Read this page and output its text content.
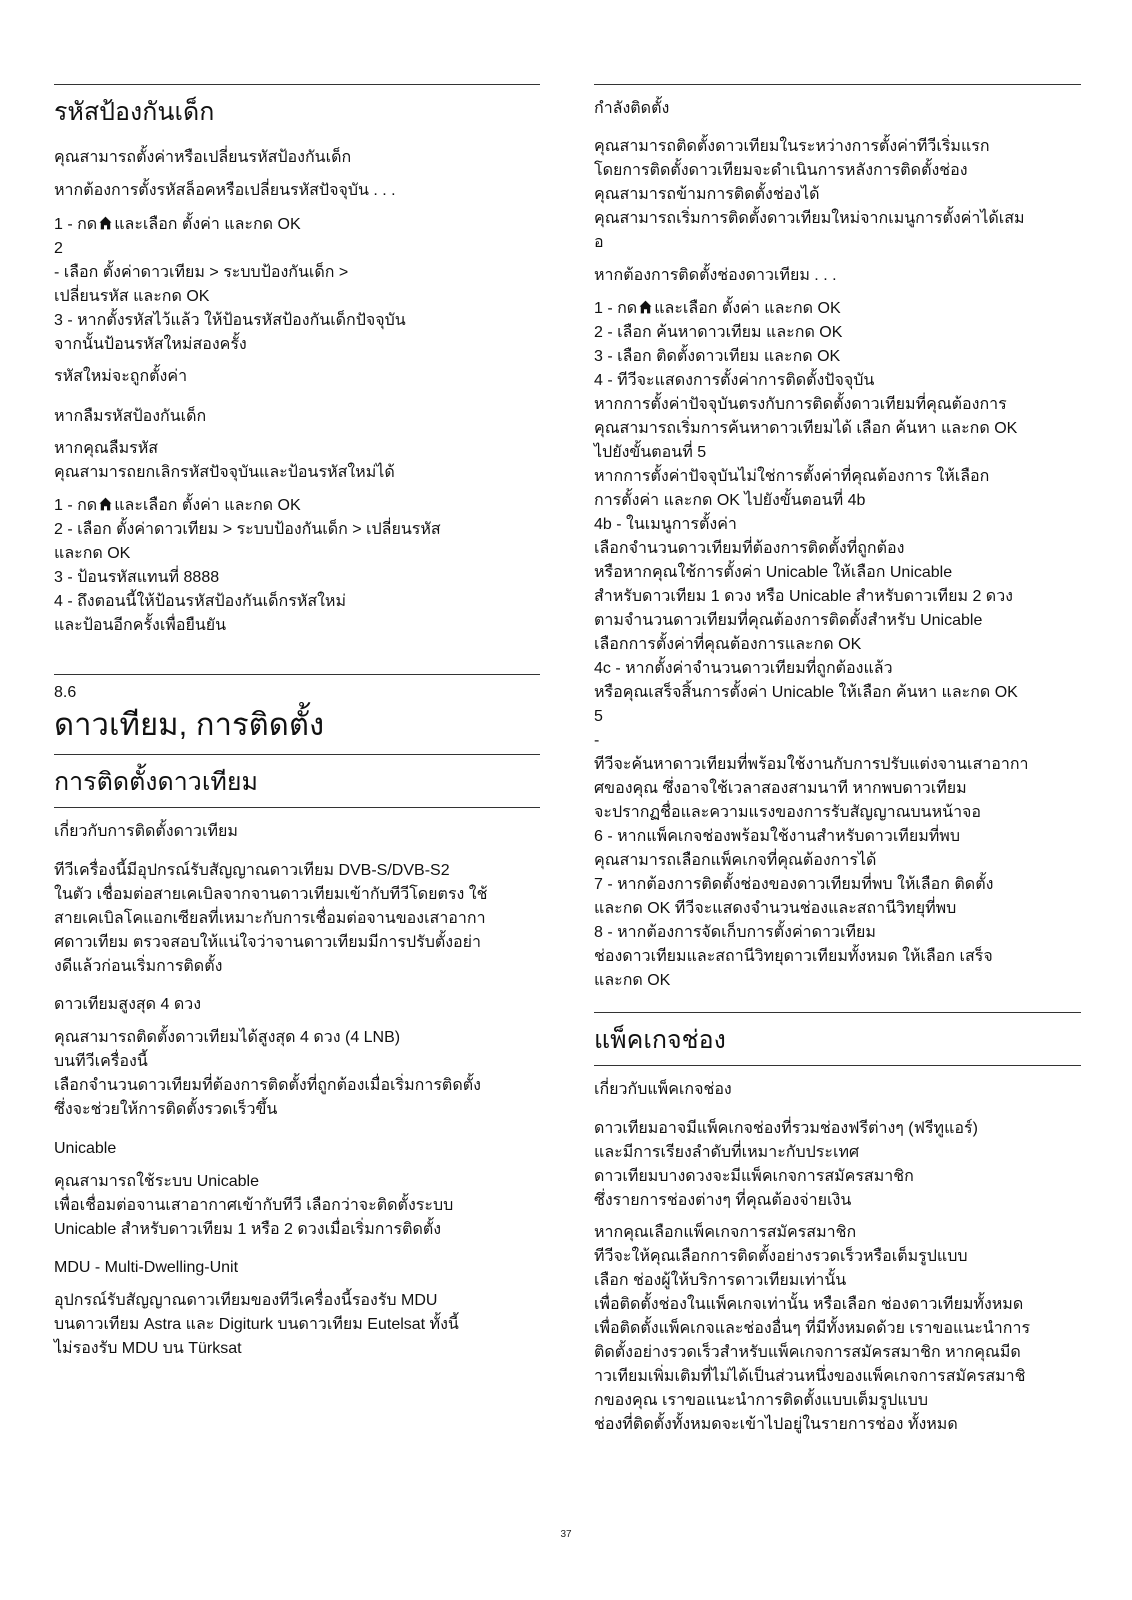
รหัสป้องกันเด็ก
คุณสามารถตั้งค่าหรือเปลี่ยนรหัสป้องกันเด็ก
หากต้องการตั้งรหัสล็อคหรือเปลี่ยนรหัสปัจจุบัน . . .
1 - กด และเลือก ตั้งค่า และกด OK
2
- เลือก ตั้งค่าดาวเทียม > ระบบป้องกันเด็ก >
เปลี่ยนรหัส และกด OK
3 - หากตั้งรหัสไว้แล้ว ให้ป้อนรหัสป้องกันเด็กปัจจุบัน
จากนั้นป้อนรหัสใหม่สองครั้ง
รหัสใหม่จะถูกตั้งค่า
หากลืมรหัสป้องกันเด็ก
หากคุณลืมรหัส
คุณสามารถยกเลิกรหัสปัจจุบันและป้อนรหัสใหม่ได้
1 - กด และเลือก ตั้งค่า และกด OK
2 - เลือก ตั้งค่าดาวเทียม > ระบบป้องกันเด็ก > เปลี่ยนรหัส
และกด OK
3 - ป้อนรหัสแทนที่ 8888
4 - ถึงตอนนี้ให้ป้อนรหัสป้องกันเด็กรหัสใหม่
และป้อนอีกครั้งเพื่อยืนยัน
8.6
ดาวเทียม, การติดตั้ง
การติดตั้งดาวเทียม
เกี่ยวกับการติดตั้งดาวเทียม
ทีวีเครื่องนี้มีอุปกรณ์รับสัญญาณดาวเทียม DVB-S/DVB-S2
ในตัว เชื่อมต่อสายเคเบิลจากจานดาวเทียมเข้ากับทีวีโดยตรง ใช้
สายเคเบิลโคแอกเซียลที่เหมาะกับการเชื่อมต่อจานของเสาอากา
ศดาวเทียม ตรวจสอบให้แน่ใจว่าจานดาวเทียมมีการปรับตั้งอย่า
งดีแล้วก่อนเริ่มการติดตั้ง
ดาวเทียมสูงสุด 4 ดวง
คุณสามารถติดตั้งดาวเทียมได้สูงสุด 4 ดวง (4 LNB)
บนทีวีเครื่องนี้
เลือกจำนวนดาวเทียมที่ต้องการติดตั้งที่ถูกต้องเมื่อเริ่มการติดตั้ง
ซึ่งจะช่วยให้การติดตั้งรวดเร็วขึ้น
Unicable
คุณสามารถใช้ระบบ Unicable
เพื่อเชื่อมต่อจานเสาอากาศเข้ากับทีวี เลือกว่าจะติดตั้งระบบ
Unicable สำหรับดาวเทียม 1 หรือ 2 ดวงเมื่อเริ่มการติดตั้ง
MDU - Multi-Dwelling-Unit
อุปกรณ์รับสัญญาณดาวเทียมของทีวีเครื่องนี้รองรับ MDU
บนดาวเทียม Astra และ Digiturk บนดาวเทียม Eutelsat ทั้งนี้
ไม่รองรับ MDU บน Türksat
กำลังติดตั้ง
คุณสามารถติดตั้งดาวเทียมในระหว่างการตั้งค่าทีวีเริ่มแรก
โดยการติดตั้งดาวเทียมจะดำเนินการหลังการติดตั้งช่อง
คุณสามารถข้ามการติดตั้งช่องได้
คุณสามารถเริ่มการติดตั้งดาวเทียมใหม่จากเมนูการตั้งค่าได้เสม
อ
หากต้องการติดตั้งช่องดาวเทียม . . .
1 - กด และเลือก ตั้งค่า และกด OK
2 - เลือก ค้นหาดาวเทียม และกด OK
3 - เลือก ติดตั้งดาวเทียม และกด OK
4 - ทีวีจะแสดงการตั้งค่าการติดตั้งปัจจุบัน
หากการตั้งค่าปัจจุบันตรงกับการติดตั้งดาวเทียมที่คุณต้องการ
คุณสามารถเริ่มการค้นหาดาวเทียมได้ เลือก ค้นหา และกด OK
ไปยังขั้นตอนที่ 5
หากการตั้งค่าปัจจุบันไม่ใช่การตั้งค่าที่คุณต้องการ ให้เลือก
การตั้งค่า และกด OK ไปยังขั้นตอนที่ 4b
4b - ในเมนูการตั้งค่า
เลือกจำนวนดาวเทียมที่ต้องการติดตั้งที่ถูกต้อง
หรือหากคุณใช้การตั้งค่า Unicable ให้เลือก Unicable
สำหรับดาวเทียม 1 ดวง หรือ Unicable สำหรับดาวเทียม 2 ดวง
ตามจำนวนดาวเทียมที่คุณต้องการติดตั้งสำหรับ Unicable
เลือกการตั้งค่าที่คุณต้องการและกด OK
4c - หากตั้งค่าจำนวนดาวเทียมที่ถูกต้องแล้ว
หรือคุณเสร็จสิ้นการตั้งค่า Unicable ให้เลือก ค้นหา และกด OK
5
-
ทีวีจะค้นหาดาวเทียมที่พร้อมใช้งานกับการปรับแต่งจานเสาอากา
ศของคุณ ซึ่งอาจใช้เวลาสองสามนาที หากพบดาวเทียม
จะปรากฏชื่อและความแรงของการรับสัญญาณบนหน้าจอ
6 - หากแพ็คเกจช่องพร้อมใช้งานสำหรับดาวเทียมที่พบ
คุณสามารถเลือกแพ็คเกจที่คุณต้องการได้
7 - หากต้องการติดตั้งช่องของดาวเทียมที่พบ ให้เลือก ติดตั้ง
และกด OK ทีวีจะแสดงจำนวนช่องและสถานีวิทยุที่พบ
8 - หากต้องการจัดเก็บการตั้งค่าดาวเทียม
ช่องดาวเทียมและสถานีวิทยุดาวเทียมทั้งหมด ให้เลือก เสร็จ
และกด OK
แพ็คเกจช่อง
เกี่ยวกับแพ็คเกจช่อง
ดาวเทียมอาจมีแพ็คเกจช่องที่รวมช่องฟรีต่างๆ (ฟรีทูแอร์)
และมีการเรียงลำดับที่เหมาะกับประเทศ
ดาวเทียมบางดวงจะมีแพ็คเกจการสมัครสมาชิก
ซึ่งรายการช่องต่างๆ ที่คุณต้องจ่ายเงิน
หากคุณเลือกแพ็คเกจการสมัครสมาชิก
ทีวีจะให้คุณเลือกการติดตั้งอย่างรวดเร็วหรือเต็มรูปแบบ
เลือก ช่องผู้ให้บริการดาวเทียมเท่านั้น
เพื่อติดตั้งช่องในแพ็คเกจเท่านั้น หรือเลือก ช่องดาวเทียมทั้งหมด
เพื่อติดตั้งแพ็คเกจและช่องอื่นๆ ที่มีทั้งหมดด้วย เราขอแนะนำการ
ติดตั้งอย่างรวดเร็วสำหรับแพ็คเกจการสมัครสมาชิก หากคุณมีด
าวเทียมเพิ่มเติมที่ไม่ได้เป็นส่วนหนึ่งของแพ็คเกจการสมัครสมาชิ
กของคุณ เราขอแนะนำการติดตั้งแบบเต็มรูปแบบ
ช่องที่ติดตั้งทั้งหมดจะเข้าไปอยู่ในรายการช่อง ทั้งหมด
37
